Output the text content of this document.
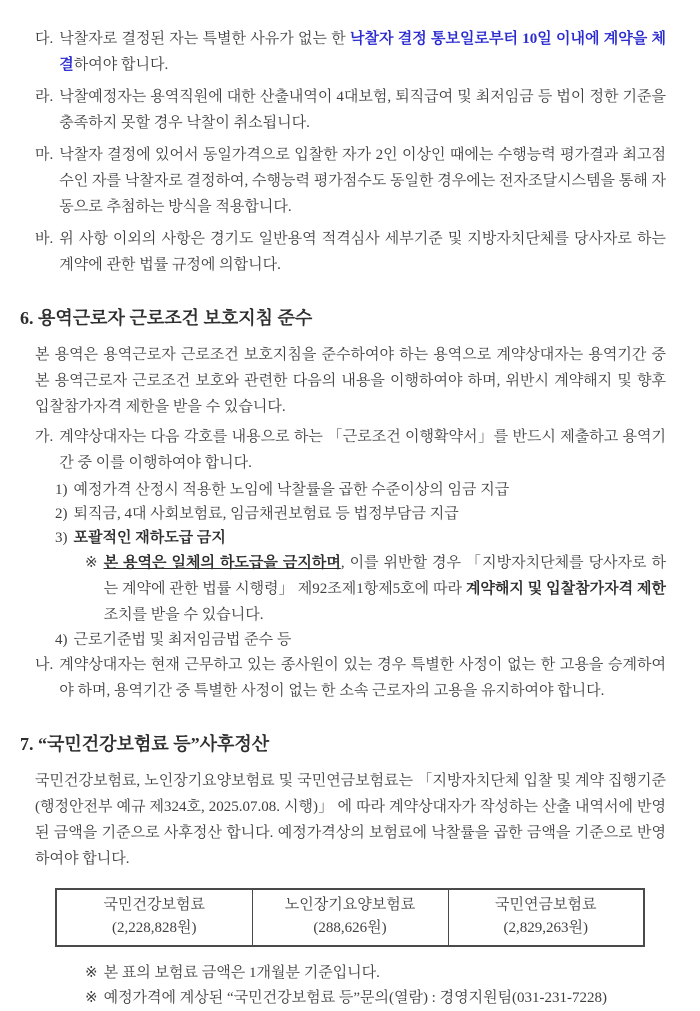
다. 낙찰자로 결정된 자는 특별한 사유가 없는 한 낙찰자 결정 통보일로부터 10일 이내에 계약을 체결하여야 합니다.
라. 낙찰예정자는 용역직원에 대한 산출내역이 4대보험, 퇴직급여 및 최저임금 등 법이 정한 기준을 충족하지 못할 경우 낙찰이 취소됩니다.
마. 낙찰자 결정에 있어서 동일가격으로 입찰한 자가 2인 이상인 때에는 수행능력 평가결과 최고점수인 자를 낙찰자로 결정하여, 수행능력 평가점수도 동일한 경우에는 전자조달시스템을 통해 자동으로 추첨하는 방식을 적용합니다.
바. 위 사항 이외의 사항은 경기도 일반용역 적격심사 세부기준 및 지방자치단체를 당사자로 하는 계약에 관한 법률 규정에 의합니다.
6. 용역근로자 근로조건 보호지침 준수
본 용역은 용역근로자 근로조건 보호지침을 준수하여야 하는 용역으로 계약상대자는 용역기간 중 본 용역근로자 근로조건 보호와 관련한 다음의 내용을 이행하여야 하며, 위반시 계약해지 및 향후 입찰참가자격 제한을 받을 수 있습니다.
가. 계약상대자는 다음 각호를 내용으로 하는 「근로조건 이행확약서」를 반드시 제출하고 용역기간 중 이를 이행하여야 합니다.
1) 예정가격 산정시 적용한 노임에 낙찰률을 곱한 수준이상의 임금 지급
2) 퇴직금, 4대 사회보험료, 임금채권보험료 등 법정부담금 지급
3) 포괄적인 재하도급 금지
※ 본 용역은 일체의 하도급을 금지하며, 이를 위반할 경우 「지방자치단체를 당사자로 하는 계약에 관한 법률 시행령」 제92조제1항제5호에 따라 계약해지 및 입찰참가자격 제한 조치를 받을 수 있습니다.
4) 근로기준법 및 최저임금법 준수 등
나. 계약상대자는 현재 근무하고 있는 종사원이 있는 경우 특별한 사정이 없는 한 고용을 승계하여야 하며, 용역기간 중 특별한 사정이 없는 한 소속 근로자의 고용을 유지하여야 합니다.
7. “국민건강보험료 등”사후정산
국민건강보험료, 노인장기요양보험료 및 국민연금보험료는 「지방자치단체 입찰 및 계약 집행기준(행정안전부 예규 제324호, 2025.07.08. 시행)」 에 따라 계약상대자가 작성하는 산출 내역서에 반영된 금액을 기준으로 사후정산 합니다. 예정가격상의 보험료에 낙찰률을 곱한 금액을 기준으로 반영하여야 합니다.
국민건강보험료
(2,228,828원)

노인장기요양보험료
(288,626원)

국민연금보험료
(2,829,263원)
※ 본 표의 보험료 금액은 1개월분 기준입니다.
※ 예정가격에 계상된 “국민건강보험료 등”문의(열람) : 경영지원팀(031-231-7228)
